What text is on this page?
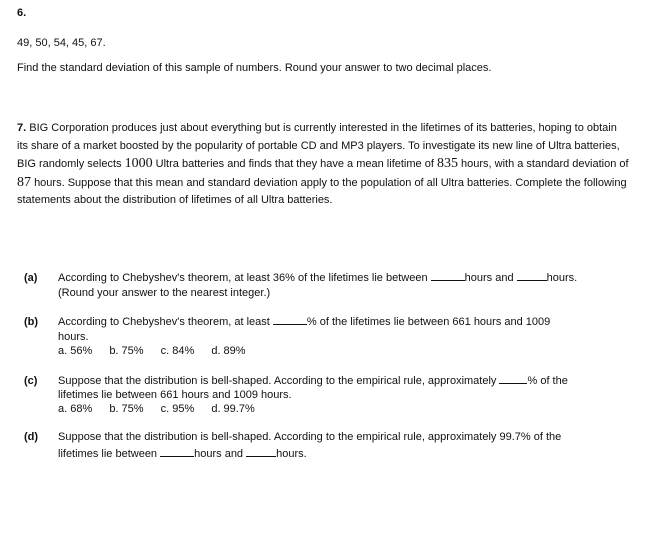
6.
49, 50, 54, 45, 67.
Find the standard deviation of this sample of numbers. Round your answer to two decimal places.
7. BIG Corporation produces just about everything but is currently interested in the lifetimes of its batteries, hoping to obtain its share of a market boosted by the popularity of portable CD and MP3 players. To investigate its new line of Ultra batteries, BIG randomly selects 1000 Ultra batteries and finds that they have a mean lifetime of 835 hours, with a standard deviation of 87 hours. Suppose that this mean and standard deviation apply to the population of all Ultra batteries. Complete the following statements about the distribution of lifetimes of all Ultra batteries.
(a) According to Chebyshev's theorem, at least 36% of the lifetimes lie between	hours and	hours.
(Round your answer to the nearest integer.)
(b) According to Chebyshev's theorem, at least	% of the lifetimes lie between 661 hours and 1009
hours.
a. 56% b. 75% c. 84% d. 89%
(c) Suppose that the distribution is bell-shaped. According to the empirical rule, approximately	% of the
lifetimes lie between 661 hours and 1009 hours.
a. 68% b. 75% c. 95% d. 99.7%
(d) Suppose that the distribution is bell-shaped. According to the empirical rule, approximately 99.7% of the
lifetimes lie between	hours and	hours.
